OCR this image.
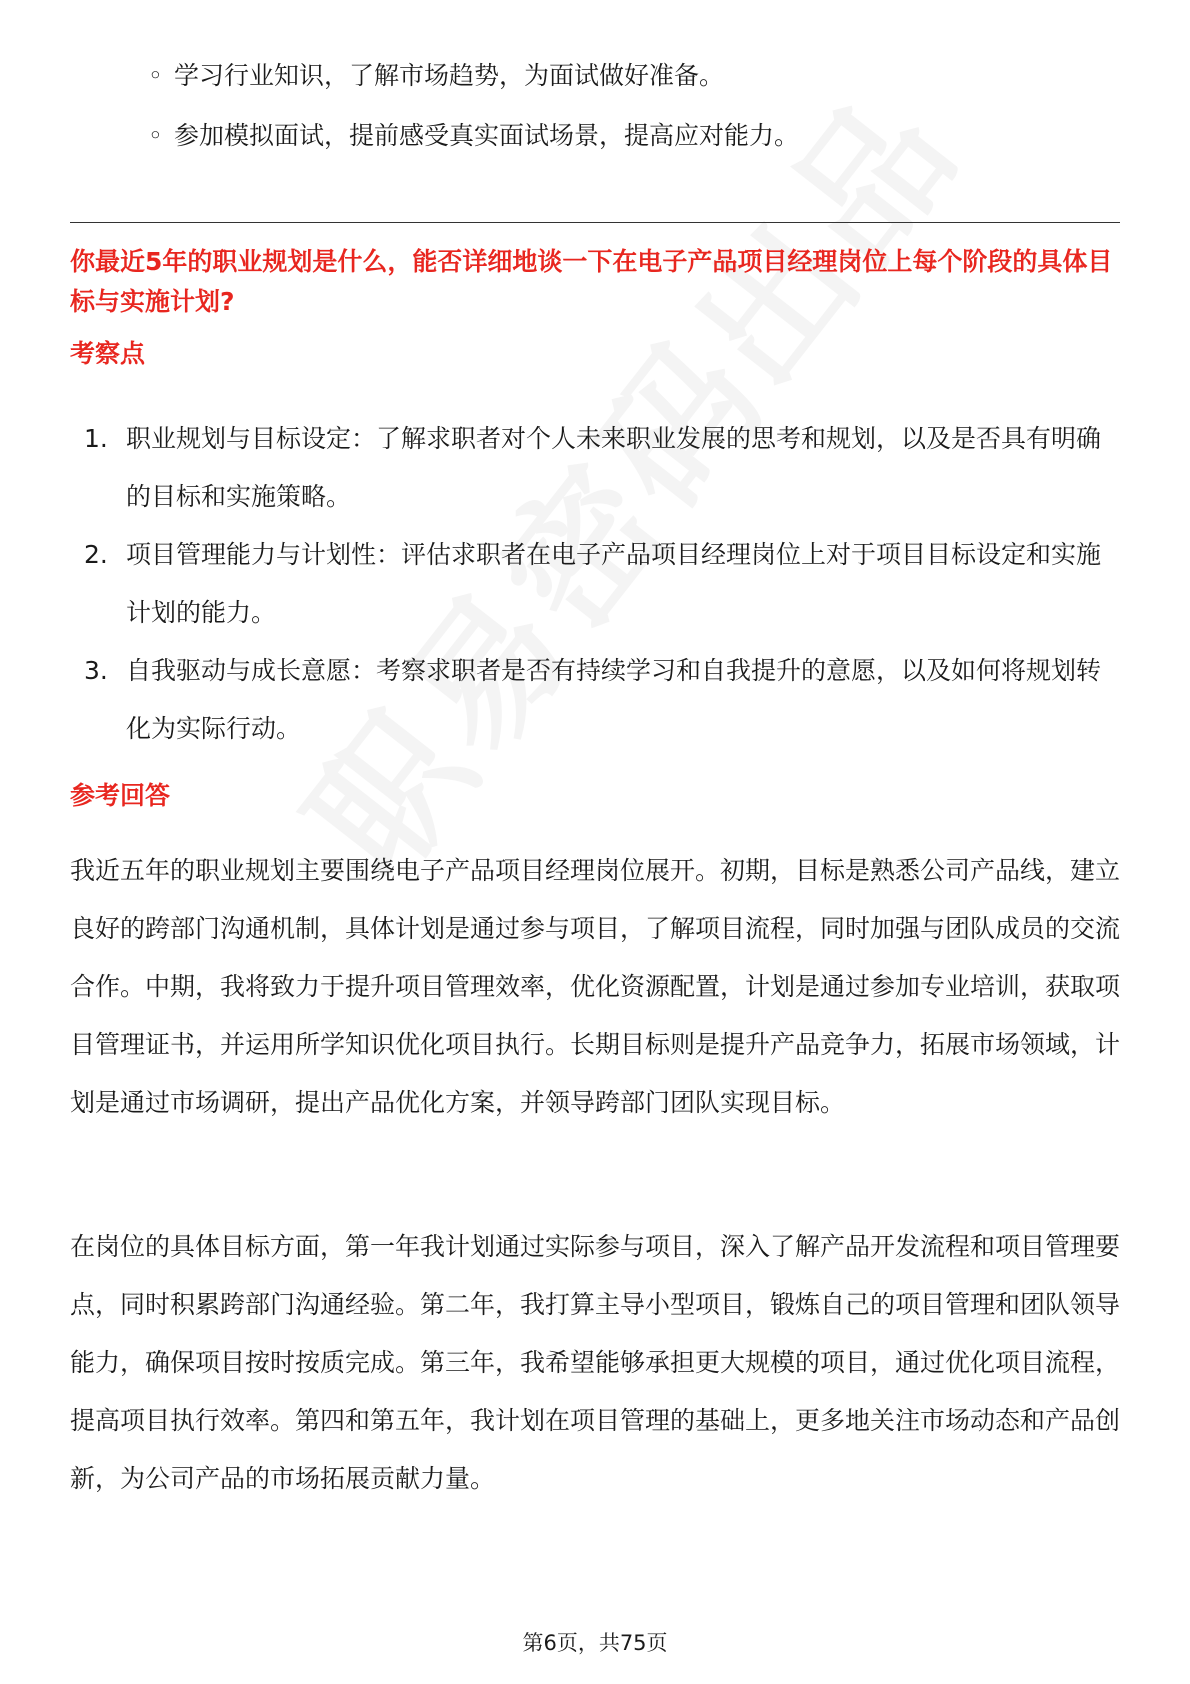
◦ 学习行业知识，了解市场趋势，为面试做好准备。
◦ 参加模拟面试，提前感受真实面试场景，提高应对能力。
你最近5年的职业规划是什么，能否详细地谈一下在电子产品项目经理岗位上每个阶段的具体目标与实施计划?
考察点
1. 职业规划与目标设定：了解求职者对个人未来职业发展的思考和规划，以及是否具有明确的目标和实施策略。
2. 项目管理能力与计划性：评估求职者在电子产品项目经理岗位上对于项目目标设定和实施计划的能力。
3. 自我驱动与成长意愿：考察求职者是否有持续学习和自我提升的意愿，以及如何将规划转化为实际行动。
参考回答

我近五年的职业规划主要围绕电子产品项目经理岗位展开。初期，目标是熟悉公司产品线，建立良好的跨部门沟通机制，具体计划是通过参与项目，了解项目流程，同时加强与团队成员的交流合作。中期，我将致力于提升项目管理效率，优化资源配置，计划是通过参加专业培训，获取项目管理证书，并运用所学知识优化项目执行。长期目标则是提升产品竞争力，拓展市场领域，计划是通过市场调研，提出产品优化方案，并领导跨部门团队实现目标。

在岗位的具体目标方面，第一年我计划通过实际参与项目，深入了解产品开发流程和项目管理要点，同时积累跨部门沟通经验。第二年，我打算主导小型项目，锻炼自己的项目管理和团队领导能力，确保项目按时按质完成。第三年，我希望能够承担更大规模的项目，通过优化项目流程，提高项目执行效率。第四和第五年，我计划在项目管理的基础上，更多地关注市场动态和产品创新，为公司产品的市场拓展贡献力量。

第6页，共75页
